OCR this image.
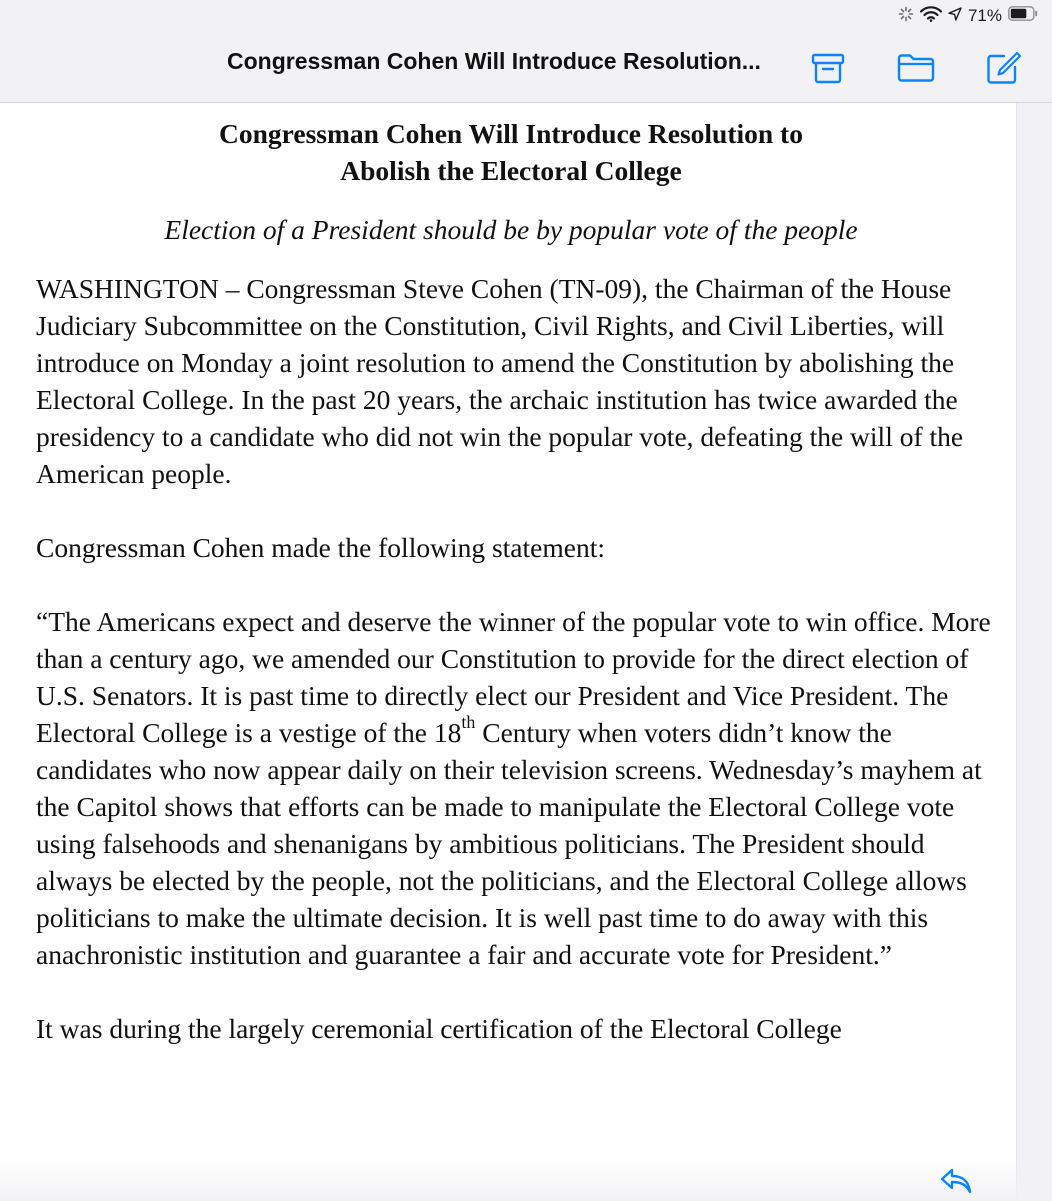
71%
Congressman Cohen Will Introduce Resolution...

Congressman Cohen Will Introduce Resolution to
Abolish the Electoral College

Election of a President should be by popular vote of the people

WASHINGTON – Congressman Steve Cohen (TN-09), the Chairman of the House Judiciary Subcommittee on the Constitution, Civil Rights, and Civil Liberties, will introduce on Monday a joint resolution to amend the Constitution by abolishing the Electoral College. In the past 20 years, the archaic institution has twice awarded the presidency to a candidate who did not win the popular vote, defeating the will of the American people.

Congressman Cohen made the following statement:

“The Americans expect and deserve the winner of the popular vote to win office. More than a century ago, we amended our Constitution to provide for the direct election of U.S. Senators. It is past time to directly elect our President and Vice President. The Electoral College is a vestige of the 18th Century when voters didn’t know the candidates who now appear daily on their television screens. Wednesday’s mayhem at the Capitol shows that efforts can be made to manipulate the Electoral College vote using falsehoods and shenanigans by ambitious politicians. The President should always be elected by the people, not the politicians, and the Electoral College allows politicians to make the ultimate decision. It is well past time to do away with this anachronistic institution and guarantee a fair and accurate vote for President.”

It was during the largely ceremonial certification of the Electoral College
